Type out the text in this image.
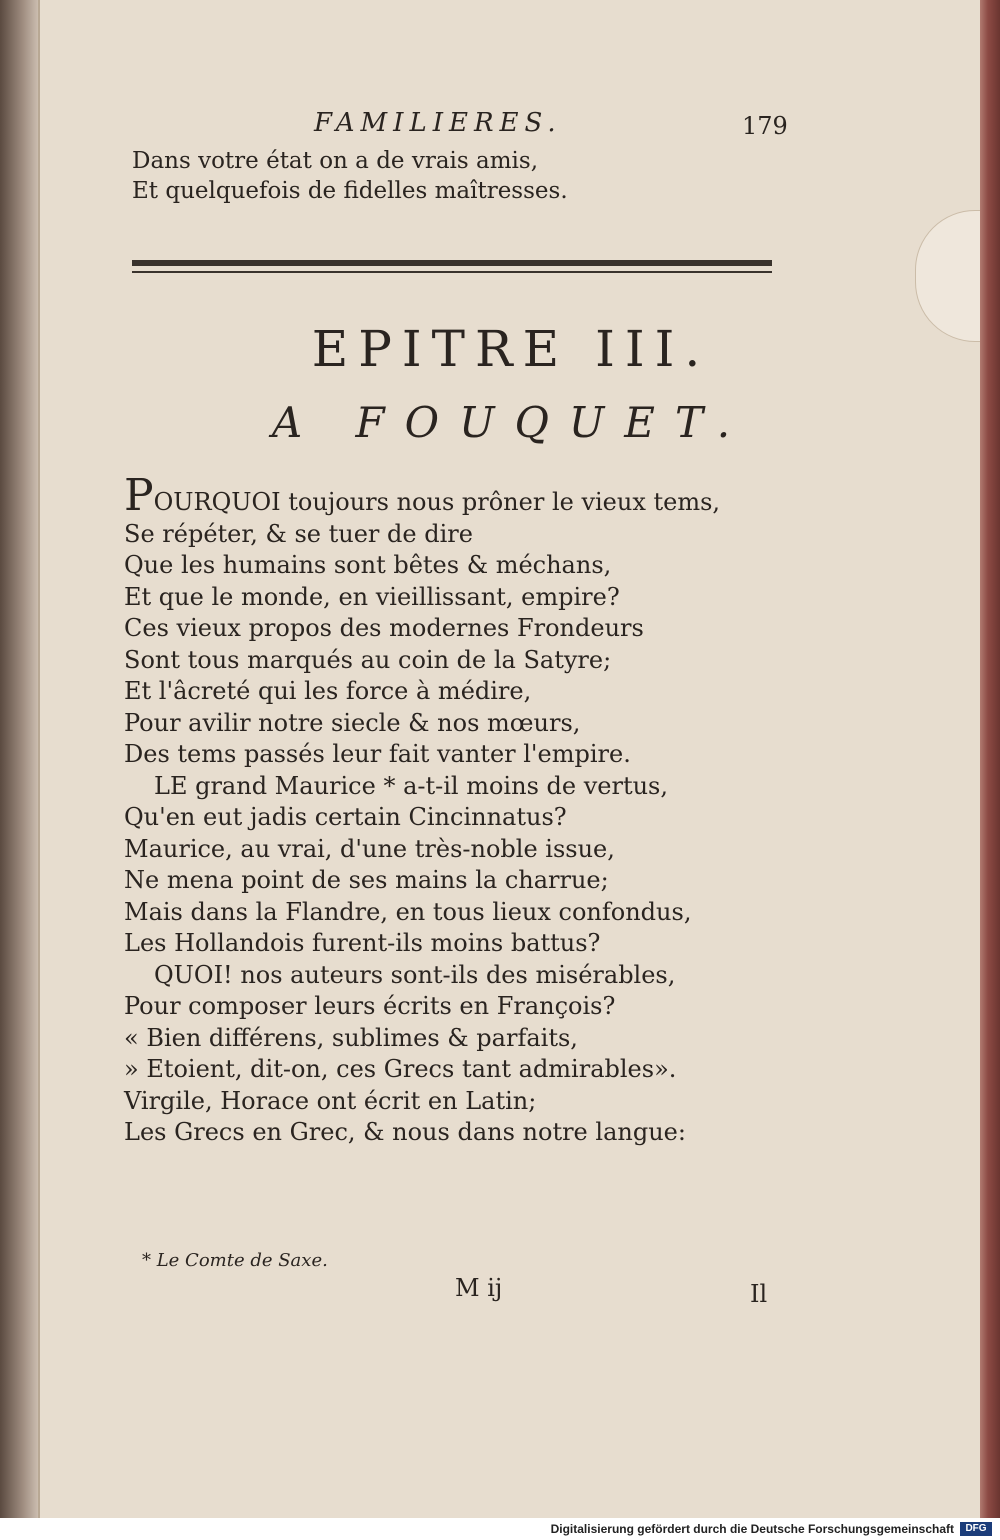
FAMILIERES.	179
Dans votre état on a de vrais amis,
Et quelquefois de fidelles maîtresses.
EPITRE III.
A FOUQUET.
POURQUOI toujours nous prôner le vieux tems,
Se répéter, & se tuer de dire
Que les humains sont bêtes & méchans,
Et que le monde, en vieillissant, empire?
Ces vieux propos des modernes Frondeurs
Sont tous marqués au coin de la Satyre;
Et l'âcreté qui les force à médire,
Pour avilir notre siecle & nos mœurs,
Des tems passés leur fait vanter l'empire.
LE grand Maurice * a-t-il moins de vertus,
Qu'en eut jadis certain Cincinnatus?
Maurice, au vrai, d'une très-noble issue,
Ne mena point de ses mains la charrue;
Mais dans la Flandre, en tous lieux confondus,
Les Hollandois furent-ils moins battus?
QUOI! nos auteurs sont-ils des misérables,
Pour composer leurs écrits en François?
« Bien différens, sublimes & parfaits,
» Etoient, dit-on, ces Grecs tant admirables».
Virgile, Horace ont écrit en Latin;
Les Grecs en Grec, & nous dans notre langue:
* Le Comte de Saxe.
M ij	Il
Digitalisierung gefördert durch die Deutsche Forschungsgemeinschaft	DFG
